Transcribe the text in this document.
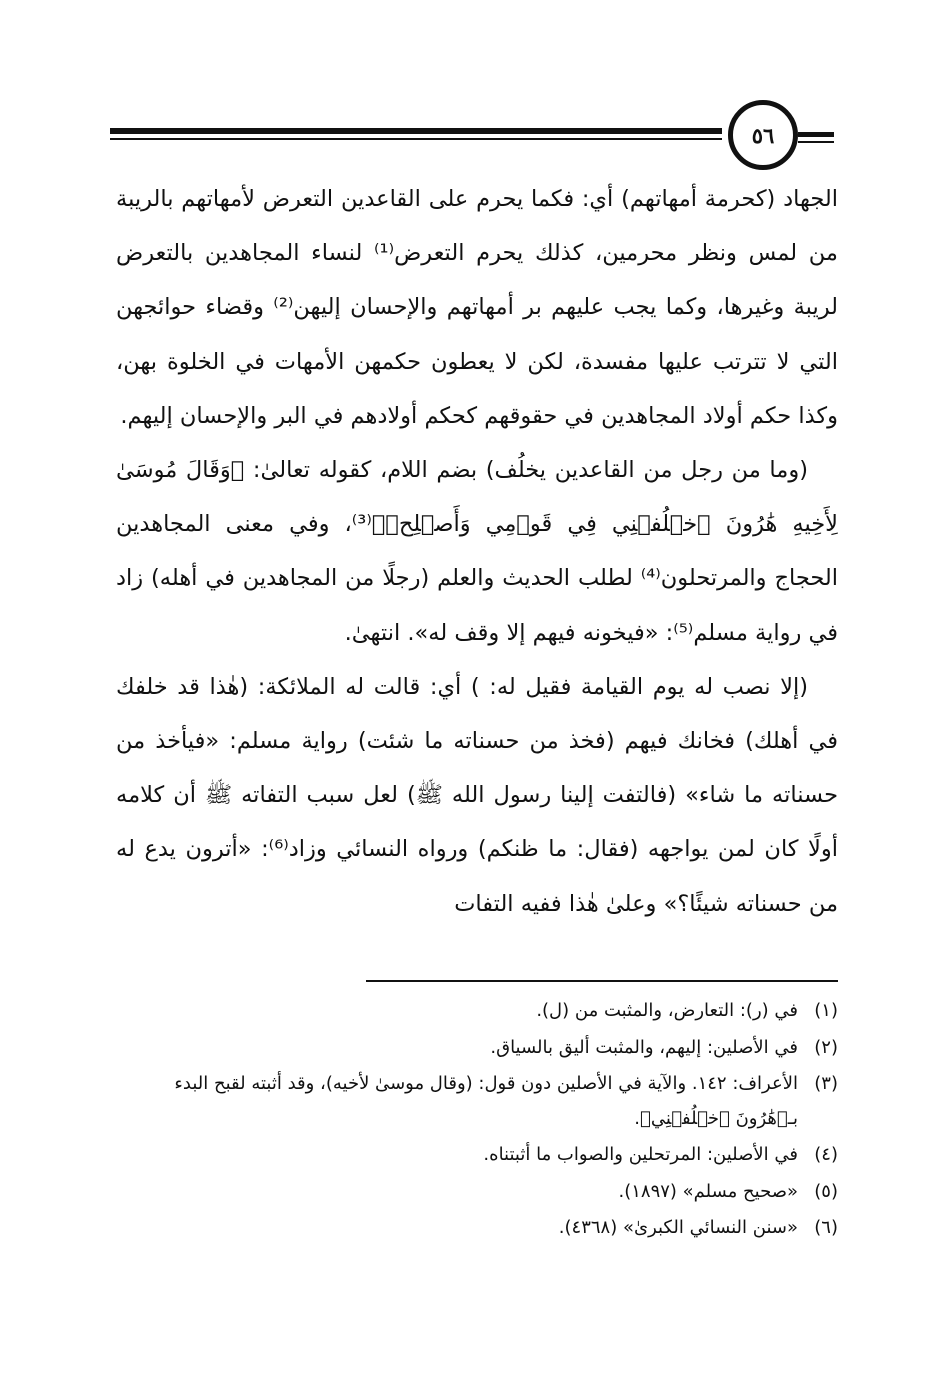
٥٦

الجهاد (كحرمة أمهاتهم) أي: فكما يحرم على القاعدين التعرض لأمهاتهم بالريبة من لمس ونظر محرمين، كذلك يحرم التعرض⁽¹⁾ لنساء المجاهدين بالتعرض لريبة وغيرها، وكما يجب عليهم بر أمهاتهم والإحسان إليهن⁽²⁾ وقضاء حوائجهن التي لا تترتب عليها مفسدة، لكن لا يعطون حكمهن الأمهات في الخلوة بهن، وكذا حكم أولاد المجاهدين في حقوقهم كحكم أولادهم في البر والإحسان إليهم.

(وما من رجل من القاعدين يخلُف) بضم اللام، كقوله تعالىٰ: ﴿وَقَالَ مُوسَىٰ لِأَخِيهِ هَٰرُونَ ٱخۡلُفۡنِي فِي قَوۡمِي وَأَصۡلِحۡ﴾⁽³⁾، وفي معنى المجاهدين الحجاج والمرتحلون⁽⁴⁾ لطلب الحديث والعلم (رجلًا من المجاهدين في أهله) زاد في رواية مسلم⁽⁵⁾: «فيخونه فيهم إلا وقف له». انتهىٰ.

(إلا نصب له يوم القيامة فقيل له: ) أي: قالت له الملائكة: (هٰذا قد خلفك في أهلك) فخانك فيهم (فخذ من حسناته ما شئت) رواية مسلم: «فيأخذ من حسناته ما شاء» (فالتفت إلينا رسول الله ﷺ) لعل سبب التفاته ﷺ أن كلامه أولًا كان لمن يواجهه (فقال: ما ظنكم) ورواه النسائي وزاد⁽⁶⁾: «أترون يدع له من حسناته شيئًا؟» وعلىٰ هٰذا ففيه التفات

(١)
في (ر): التعارض، والمثبت من (ل).
(٢)
في الأصلين: إليهم، والمثبت أليق بالسياق.
(٣)
الأعراف: ١٤٢. والآية في الأصلين دون قول: (وقال موسىٰ لأخيه)، وقد أثبته لقبح البدء بـ﴿هَٰرُونَ ٱخۡلُفۡنِي﴾.
(٤)
في الأصلين: المرتحلين والصواب ما أثبتناه.
(٥)
«صحيح مسلم» (١٨٩٧).
(٦)
«سنن النسائي الكبرىٰ» (٤٣٦٨).
